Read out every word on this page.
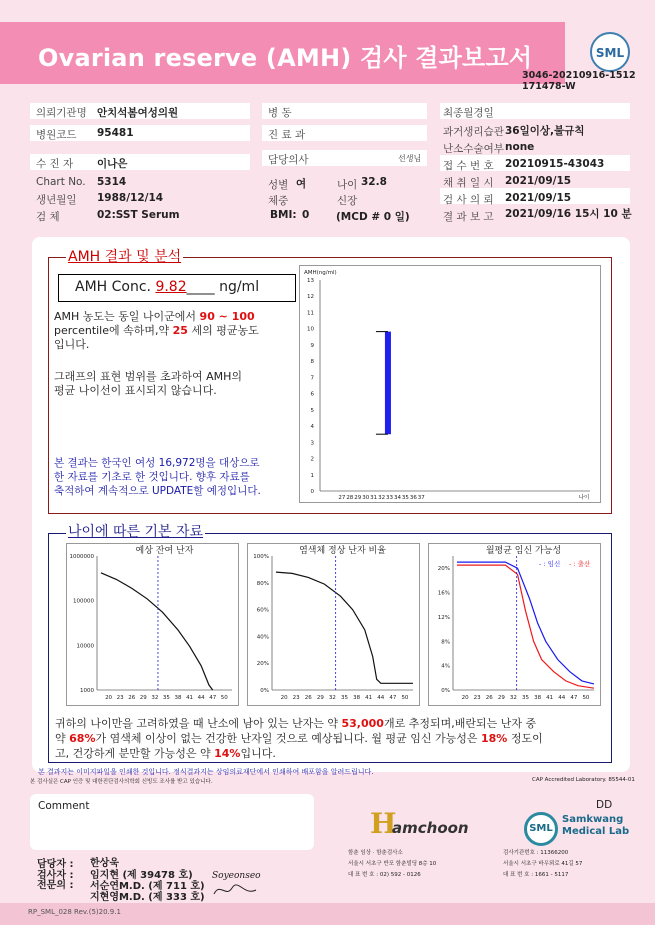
Ovarian reserve (AMH) 검사 결과보고서	SML
3046-20210916-1512
171478-W
의뢰기관명 안치석봄여성의원
병원코드 95481
수 진 자 이나은
Chart No. 5314
생년월일 1988/12/14
검 체	02:SST Serum
병 동
진 료 과
담당의사	선생님
성별 여	나이 32.8
체중	신장
BMI: 0	(MCD # 0 일)
최종월경일
과거생리습관 36일이상,불규칙
난소수술여부 none
접 수 번 호 20210915-43043
채 취 일 시 2021/09/15
검 사 의 뢰 2021/09/15
결 과 보 고 2021/09/16 15시 10 분
AMH 결과 및 분석
AMH Conc. 9.82____ ng/ml
AMH 농도는 동일 나이군에서 90 ~ 100
percentile에 속하며,약 25 세의 평균농도
입니다.
그래프의 표현 범위를 초과하여 AMH의
평균 나이선이 표시되지 않습니다.
본 결과는 한국인 여성 16,972명을 대상으로
한 자료를 기초로 한 것입니다. 향후 자료를
축적하여 계속적으로 UPDATE할 예정입니다.
AMH(ng/ml)
0
1
2
3
4
5
6
7
8
9
10
11
12
13
27 28 29 30 31 32 33 34 35 36 37	나이
나이에 따른 기본 자료
예상 잔여 난자
1000
10000
100000
1000000
20 23 26 29 32 35 38 41 44 47 50
염색체 정상 난자 비율
0%
20%
40%
60%
80%
100%
20 23 26 29 32 35 38 41 44 47 50
월평균 임신 가능성
0%
4%
8%
12%
16%
20%
20 23 26 29 32 35 38 41 44 47 50
- : 임신 - : 출산
귀하의 나이만을 고려하였을 때 난소에 남아 있는 난자는 약 53,000개로 추정되며,배란되는 난자 중
약 68%가 염색체 이상이 없는 건강한 난자일 것으로 예상됩니다. 월 평균 임신 가능성은 18% 정도이
고, 건강하게 분만할 가능성은 약 14%입니다.
본 결과지는 이미지파일을 인쇄한 것입니다. 정식결과지는 상임의료재단에서 인쇄하여 배포함을 알려드립니다.
본 검사실은 CAP 인증 및 대한진단검사의학회 신빙도 조사를 받고 있습니다.	CAP Accredited Laboratory. 85544-01
Comment	DD
담당자 : 한상욱
검사자 : 임지현 (제 39478 호)
전문의 : 서순연M.D. (제 711 호)
지현영M.D. (제 333 호)
Soyeonseo
H
amchoon
함춘 임상 · 함춘검사소
서울시 서초구 반포 함춘빌딩 8층 10
대 표 번 호 : 02) 592 - 0126
SML
Samkwang
Medical Lab
검사기관번호 : 11366200
서울시 서초구 바우뫼로 41길 57
대 표 번 호 : 1661 - 5117
RP_SML_028 Rev.(5)20.9.1
